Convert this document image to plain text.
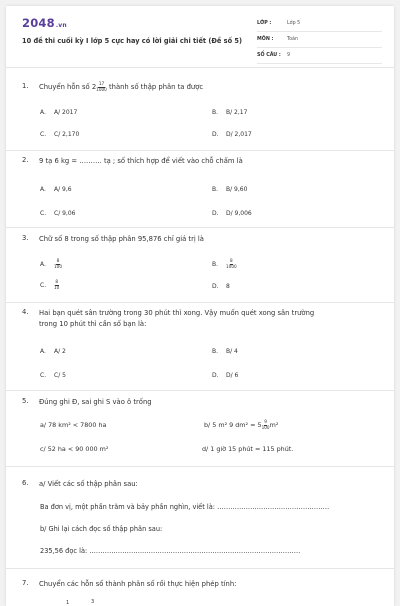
2048.vn
10 đề thi cuối kỳ I lớp 5 cực hay có lời giải chi tiết (Đề số 5)
LỚP :	Lớp 5
MÔN :	Toán
SỐ CÂU :	9
1.	Chuyển hỗn số $2 \frac{17}{1000}$ thành số thập phân ta được
A.	A/ 2017	B.	B/ 2,17
C.	C/ 2,170	D.	D/ 2,017
2.	9 tạ 6 kg = ………. tạ ; số thích hợp để viết vào chỗ chấm là
A.	A/ 9,6	B.	B/ 9,60
C.	C/ 9,06	D.	D/ 9,006
3.	Chữ số 8 trong số thập phân 95,876 chỉ giá trị là
A.	$\frac{8}{100}$	B.	$\frac{8}{1000}$
C.	$\frac{8}{10}$	D.	8
4.	Hai bạn quét sân trường trong 30 phút thì xong. Vậy muốn quét xong sân trường
trong 10 phút thì cần số bạn là:
A.	A/ 2	B.	B/ 4
C.	C/ 5	D.	D/ 6
5.	Đúng ghi Đ, sai ghi S vào ô trống
a/ 78 km² < 7800 ha	b/ 5 m² 9 $dm^2 = 5 \frac{9}{100} m^2$
c/ 52 ha < 90 000 m²	d/ 1 giờ 15 phút = 115 phút.
6.	a/ Viết các số thập phân sau:
Ba đơn vị, một phần trăm và bảy phần nghìn, viết là: ……………………………………………
b/ Ghi lại cách đọc số thập phân sau:
235,56 đọc là: ……………………………………………………………………………………
7.	Chuyển các hỗn số thành phân số rồi thực hiện phép tính:
1	3
